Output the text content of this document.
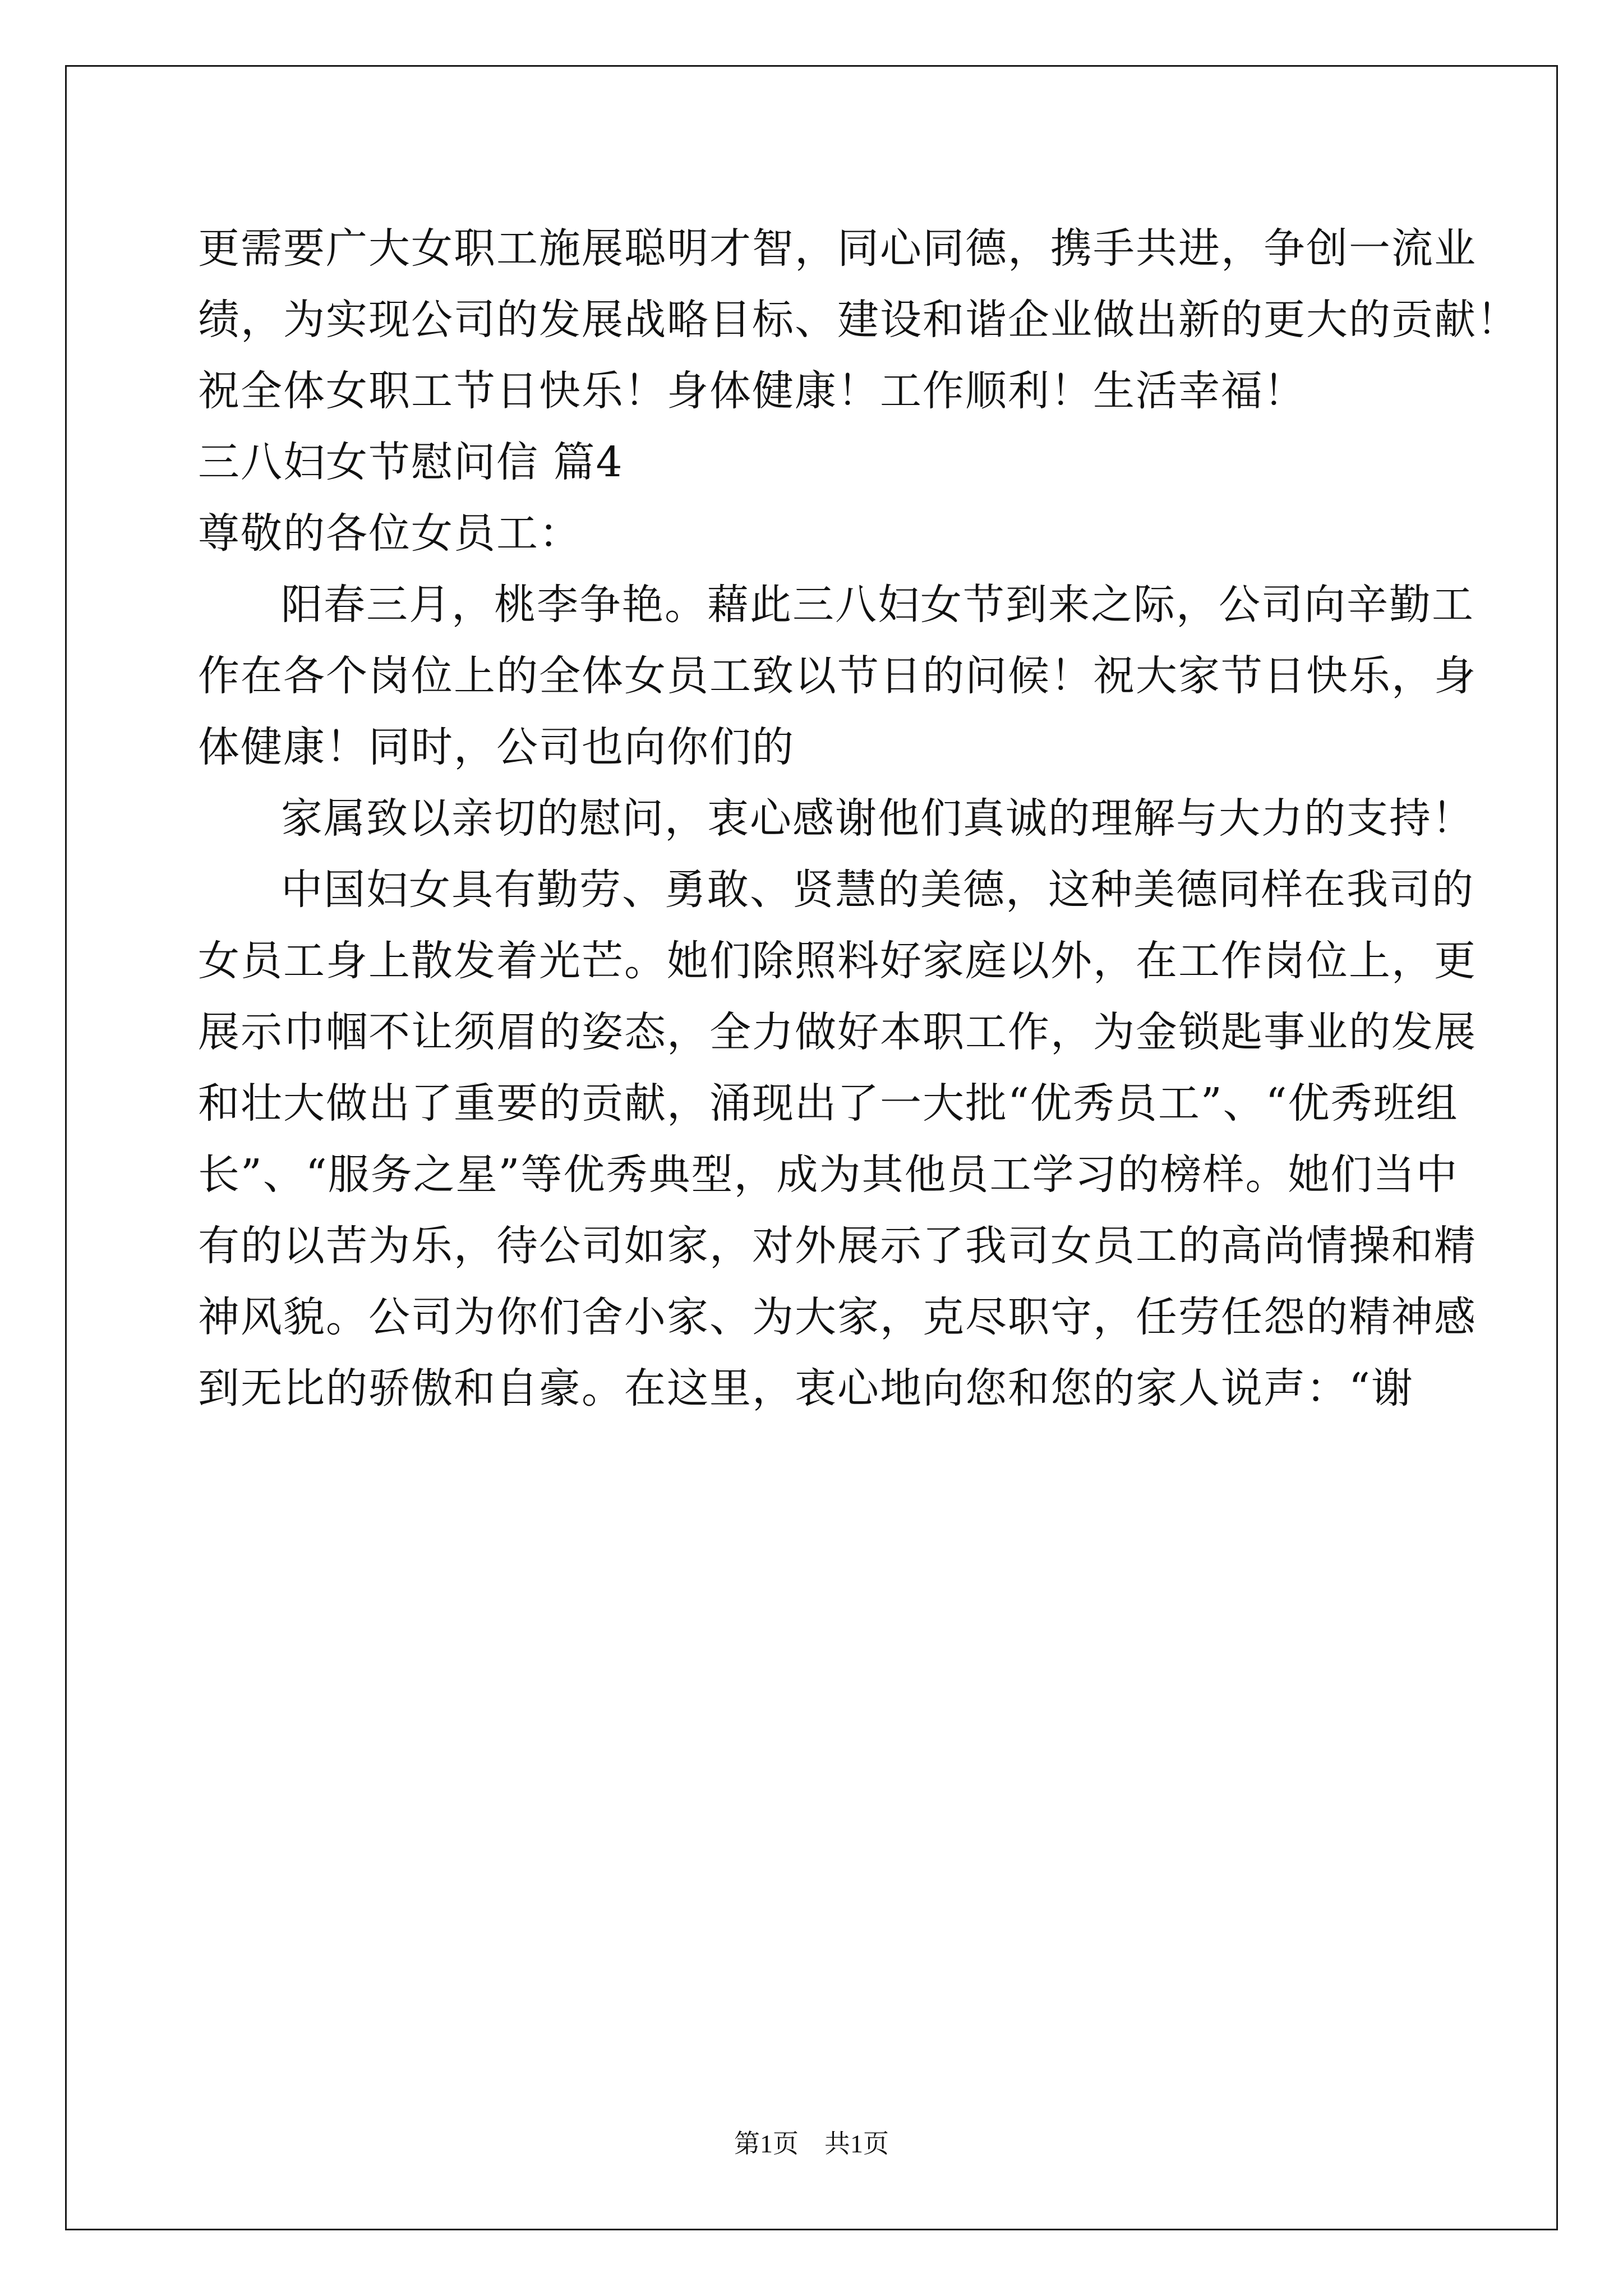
更需要广大女职工施展聪明才智，同心同德，携手共进，争创一流业
绩，为实现公司的发展战略目标、建设和谐企业做出新的更大的贡献！
祝全体女职工节日快乐！身体健康！工作顺利！生活幸福！
三八妇女节慰问信 篇4
尊敬的各位女员工：
阳春三月，桃李争艳。藉此三八妇女节到来之际，公司向辛勤工
作在各个岗位上的全体女员工致以节日的问候！祝大家节日快乐，身
体健康！同时，公司也向你们的
家属致以亲切的慰问，衷心感谢他们真诚的理解与大力的支持！
中国妇女具有勤劳、勇敢、贤慧的美德，这种美德同样在我司的
女员工身上散发着光芒。她们除照料好家庭以外，在工作岗位上，更
展示巾帼不让须眉的姿态，全力做好本职工作，为金锁匙事业的发展
和壮大做出了重要的贡献，涌现出了一大批“优秀员工”、“优秀班组
长”、“服务之星”等优秀典型，成为其他员工学习的榜样。她们当中
有的以苦为乐，待公司如家，对外展示了我司女员工的高尚情操和精
神风貌。公司为你们舍小家、为大家，克尽职守，任劳任怨的精神感
到无比的骄傲和自豪。在这里，衷心地向您和您的家人说声：“谢
第1页　共1页
